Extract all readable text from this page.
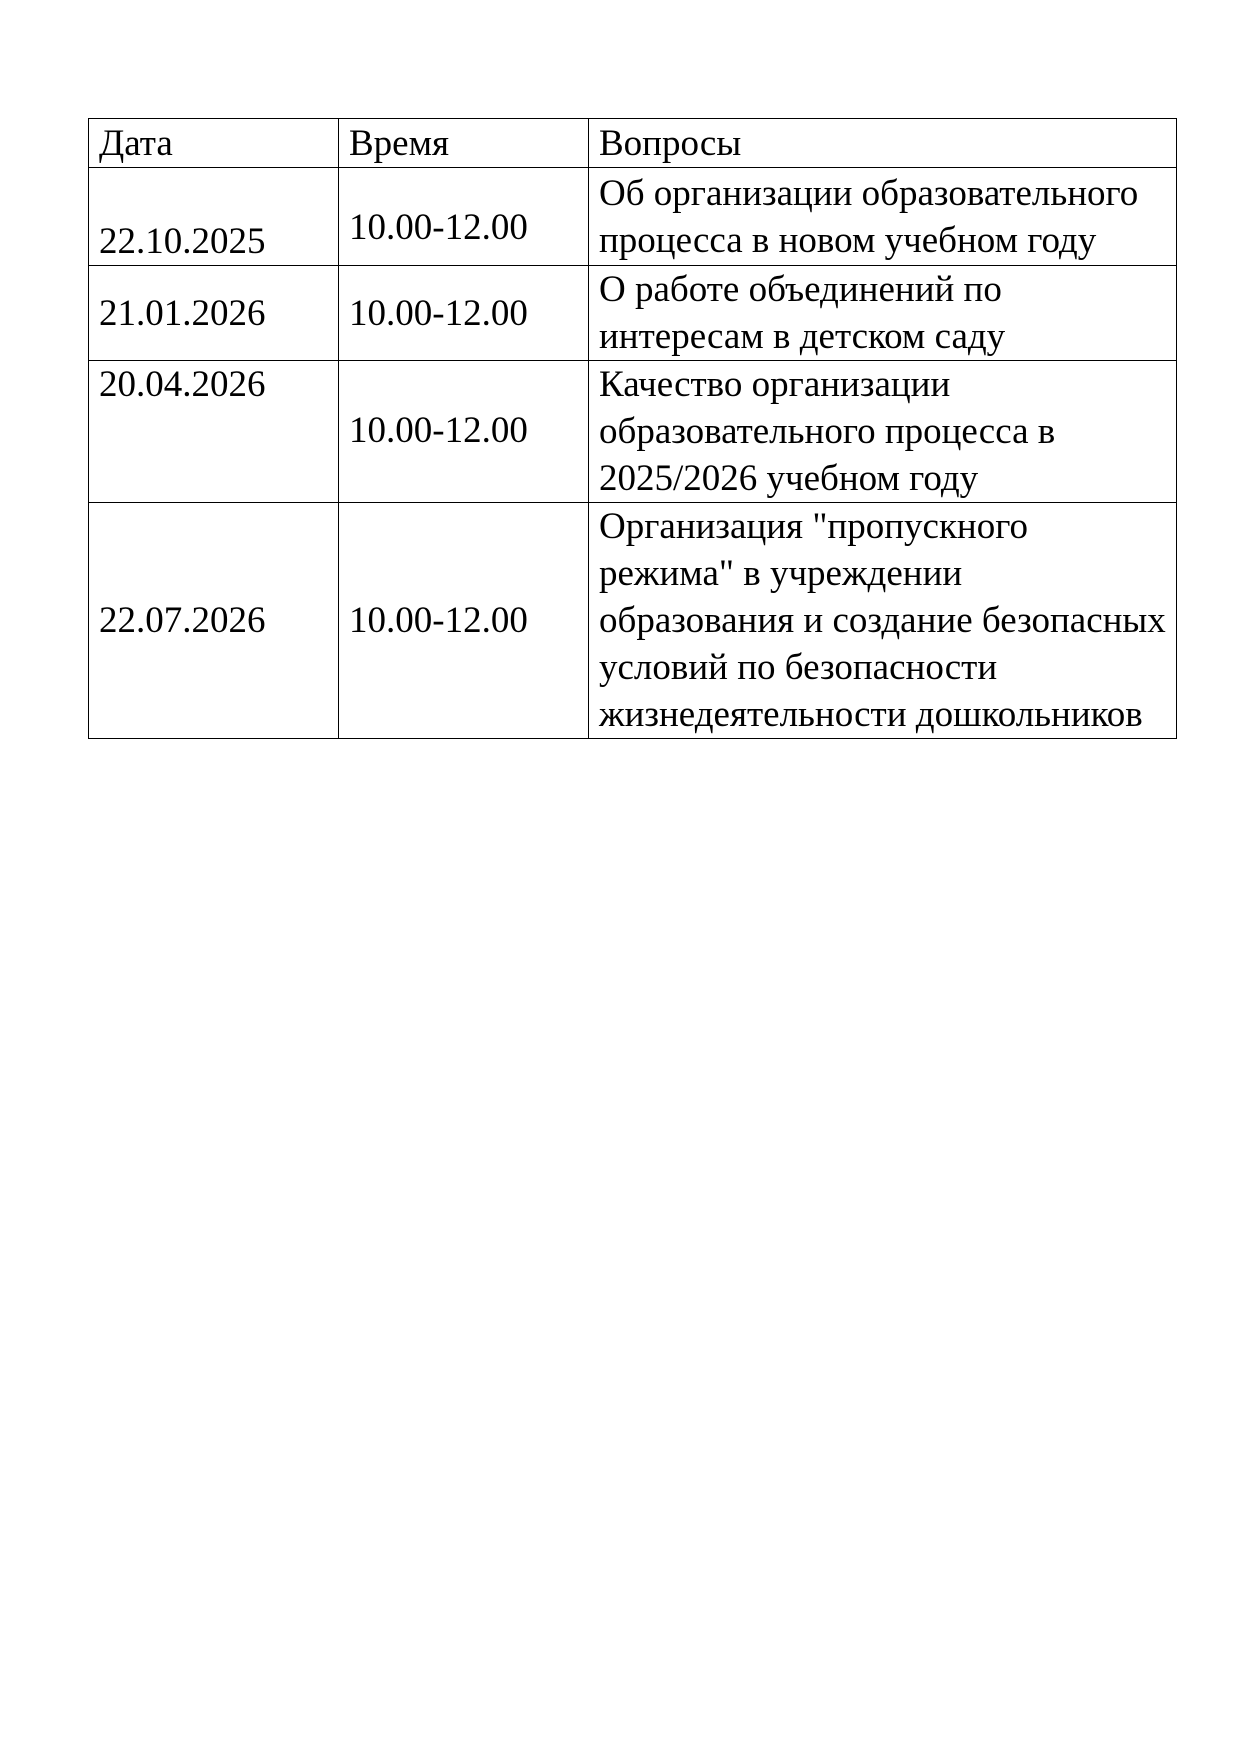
Дата	Время	Вопросы
22.10.2025	10.00-12.00	Об организации образовательного процесса в новом учебном году
21.01.2026	10.00-12.00	О работе объединений по интересам в детском саду
20.04.2026	10.00-12.00	Качество организации образовательного процесса в 2025/2026 учебном году
22.07.2026	10.00-12.00	Организация "пропускного режима" в учреждении образования и создание безопасных условий по безопасности жизнедеятельности дошкольников
